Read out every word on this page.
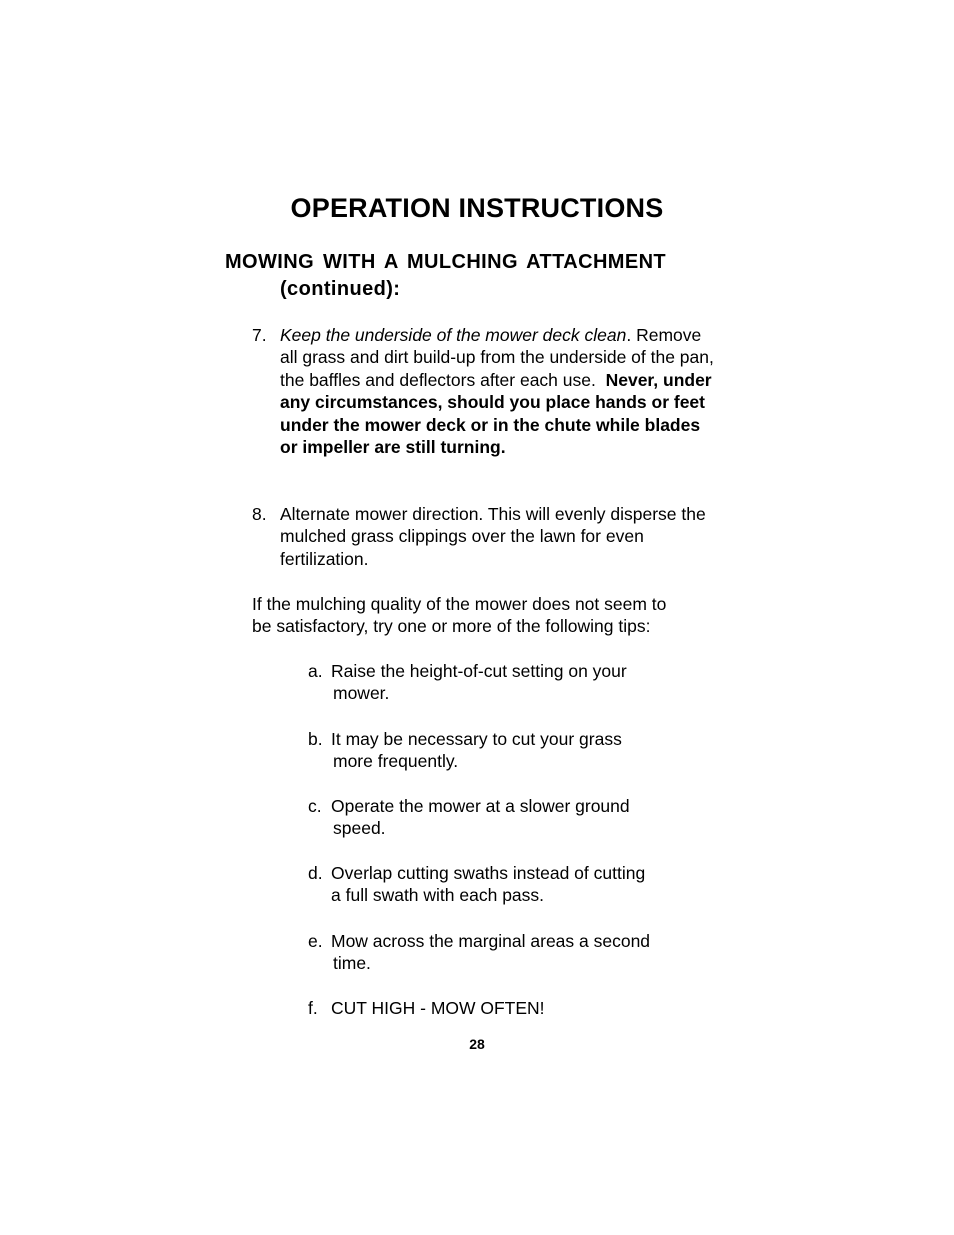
OPERATION INSTRUCTIONS
MOWING WITH A MULCHING ATTACHMENT
(continued):
7. Keep the underside of the mower deck clean. Remove all grass and dirt build-up from the underside of the pan, the baffles and deflectors after each use. Never, under any circumstances, should you place hands or feet under the mower deck or in the chute while blades or impeller are still turning.
8. Alternate mower direction. This will evenly disperse the mulched grass clippings over the lawn for even fertilization.
If the mulching quality of the mower does not seem to be satisfactory, try one or more of the following tips:
a. Raise the height-of-cut setting on your
mower.
b. It may be necessary to cut your grass
more frequently.
c. Operate the mower at a slower ground
speed.
d. Overlap cutting swaths instead of cutting
a full swath with each pass.
e. Mow across the marginal areas a second
time.
f. CUT HIGH - MOW OFTEN!
28
